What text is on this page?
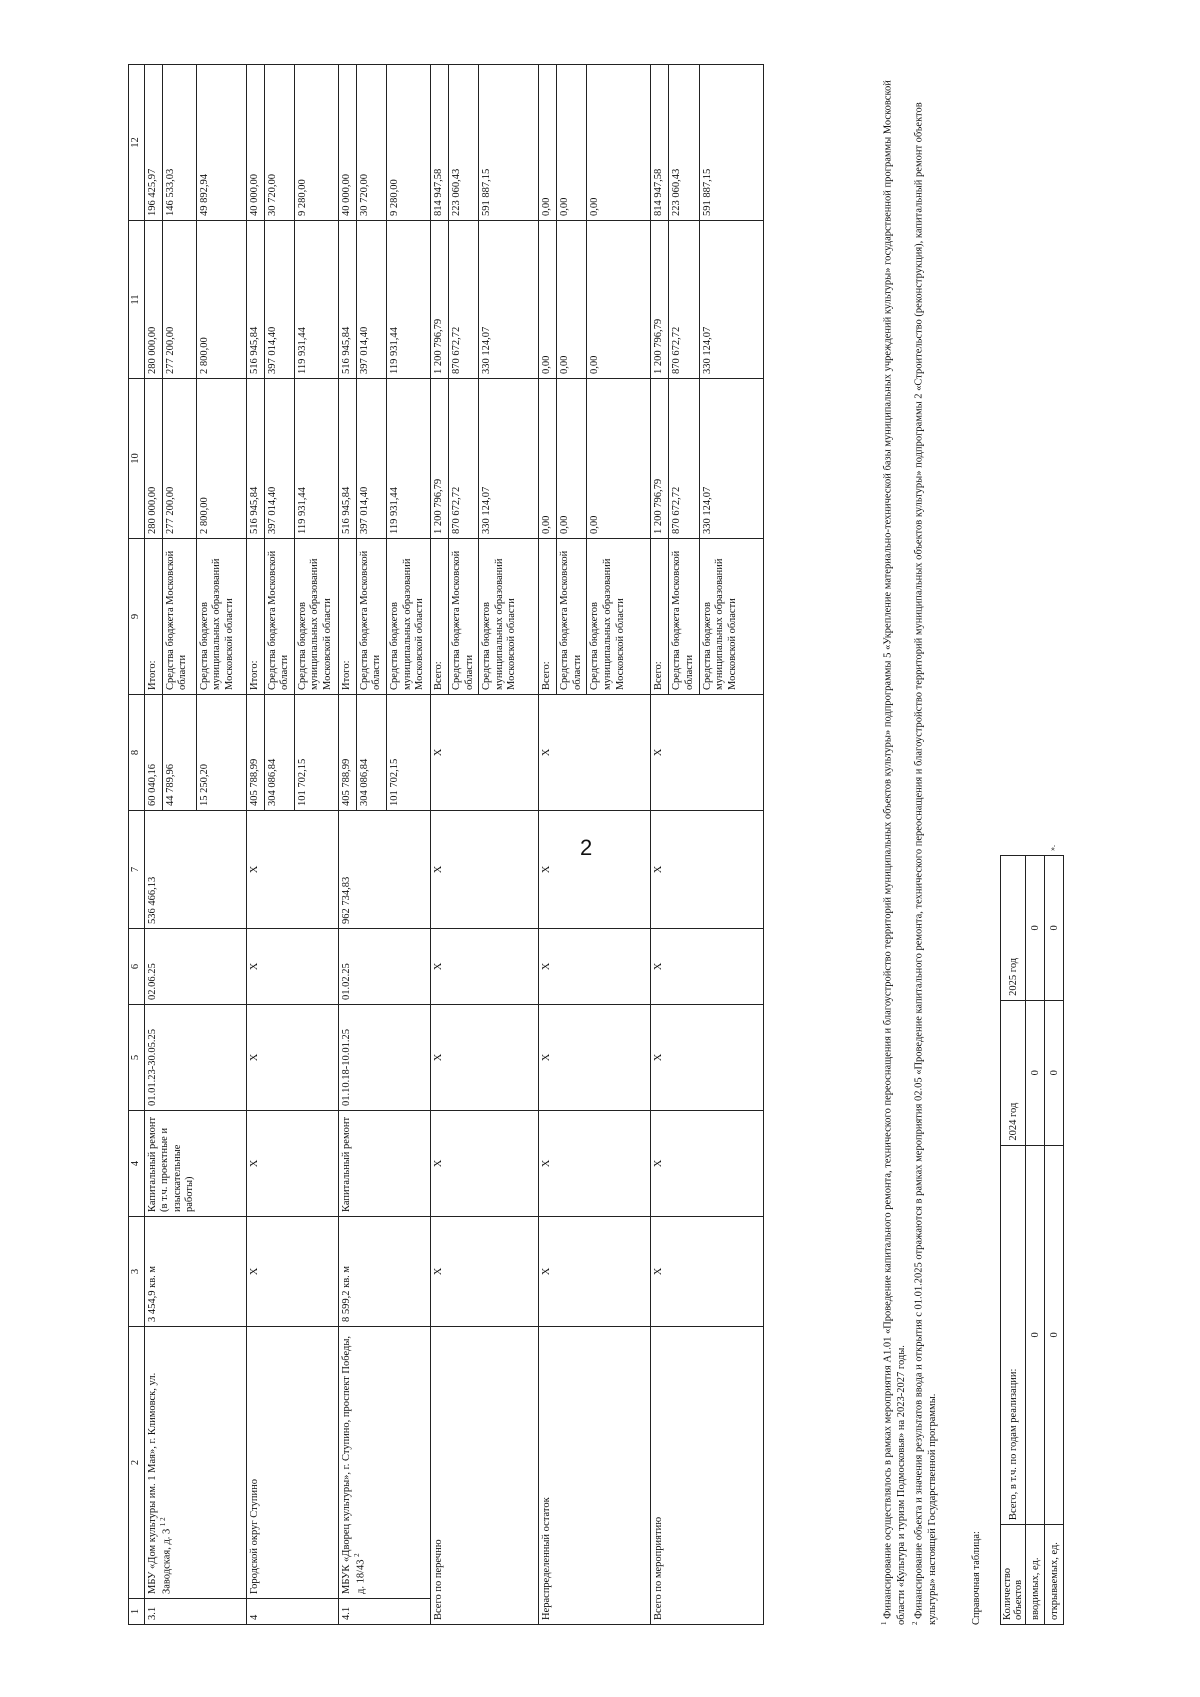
2
1	2	3	4	5	6	7	8	9	10	11	12
3.1	МБУ «Дом культуры им. 1 Мая», г. Климовск, ул. Заводская, д. 3 $^{1 2}$	3 454,9 кв. м	Капитальный ремонт (в т.ч. проектные и изыскательные работы)	01.01.23-30.05.25	02.06.25	536 466,13	60 040,16	Итого:	280 000,00	280 000,00	196 425,97
							44 789,96	Средства бюджета Московской области	277 200,00	277 200,00	146 533,03
							15 250,20	Средства бюджетов муниципальных образований Московской области	2 800,00	2 800,00	49 892,94
4	Городской округ Ступино	X	X	X	X	X	405 788,99	Итого:	516 945,84	516 945,84	40 000,00
							304 086,84	Средства бюджета Московской области	397 014,40	397 014,40	30 720,00
							101 702,15	Средства бюджетов муниципальных образований Московской области	119 931,44	119 931,44	9 280,00
4.1	МБУК «Дворец культуры», г. Ступино, проспект Победы, д. 18/43 $^2$	8 599,2 кв. м	Капитальный ремонт	01.10.18-10.01.25	01.02.25	962 734,83	405 788,99	Итого:	516 945,84	516 945,84	40 000,00
							304 086,84	Средства бюджета Московской области	397 014,40	397 014,40	30 720,00
							101 702,15	Средства бюджетов муниципальных образований Московской области	119 931,44	119 931,44	9 280,00
Всего по перечню		X	X	X	X	X	X	Всего:	1 200 796,79	1 200 796,79	814 947,58
								Средства бюджета Московской области	870 672,72	870 672,72	223 060,43
								Средства бюджетов муниципальных образований Московской области	330 124,07	330 124,07	591 887,15
Нераспределенный остаток		X	X	X	X	X	X	Всего:	0,00	0,00	0,00
								Средства бюджета Московской области	0,00	0,00	0,00
								Средства бюджетов муниципальных образований Московской области	0,00	0,00	0,00
Всего по мероприятию		X	X	X	X	X	X	Всего:	1 200 796,79	1 200 796,79	814 947,58
								Средства бюджета Московской области	870 672,72	870 672,72	223 060,43
								Средства бюджетов муниципальных образований Московской области	330 124,07	330 124,07	591 887,15

$^1$ Финансирование осуществлялось в рамках мероприятия А1.01 «Проведение капитального ремонта, технического переоснащения и благоустройство территорий муниципальных объектов культуры» подпрограммы 5 «Укрепление материально-технической базы муниципальных учреждений культуры» государственной программы Московской области «Культура и туризм Подмосковья» на 2023-2027 годы. $^2$ Финансирование объекта и значения результатов ввода и открытия с 01.01.2025 отражаются в рамках мероприятия 02.05 «Проведение капитального ремонта, технического переоснащения и благоустройство территорий муниципальных объектов культуры» подпрограммы 2 «Строительство (реконструкция), капитальный ремонт объектов культуры» настоящей Государственной программы.	Справочная таблица: Количество объектов	Всего, в т.ч. по годам реализации:	2024 год	2025 год
вводимых, ед.	0	0	0
открываемых, ед.	0	0	0
».
